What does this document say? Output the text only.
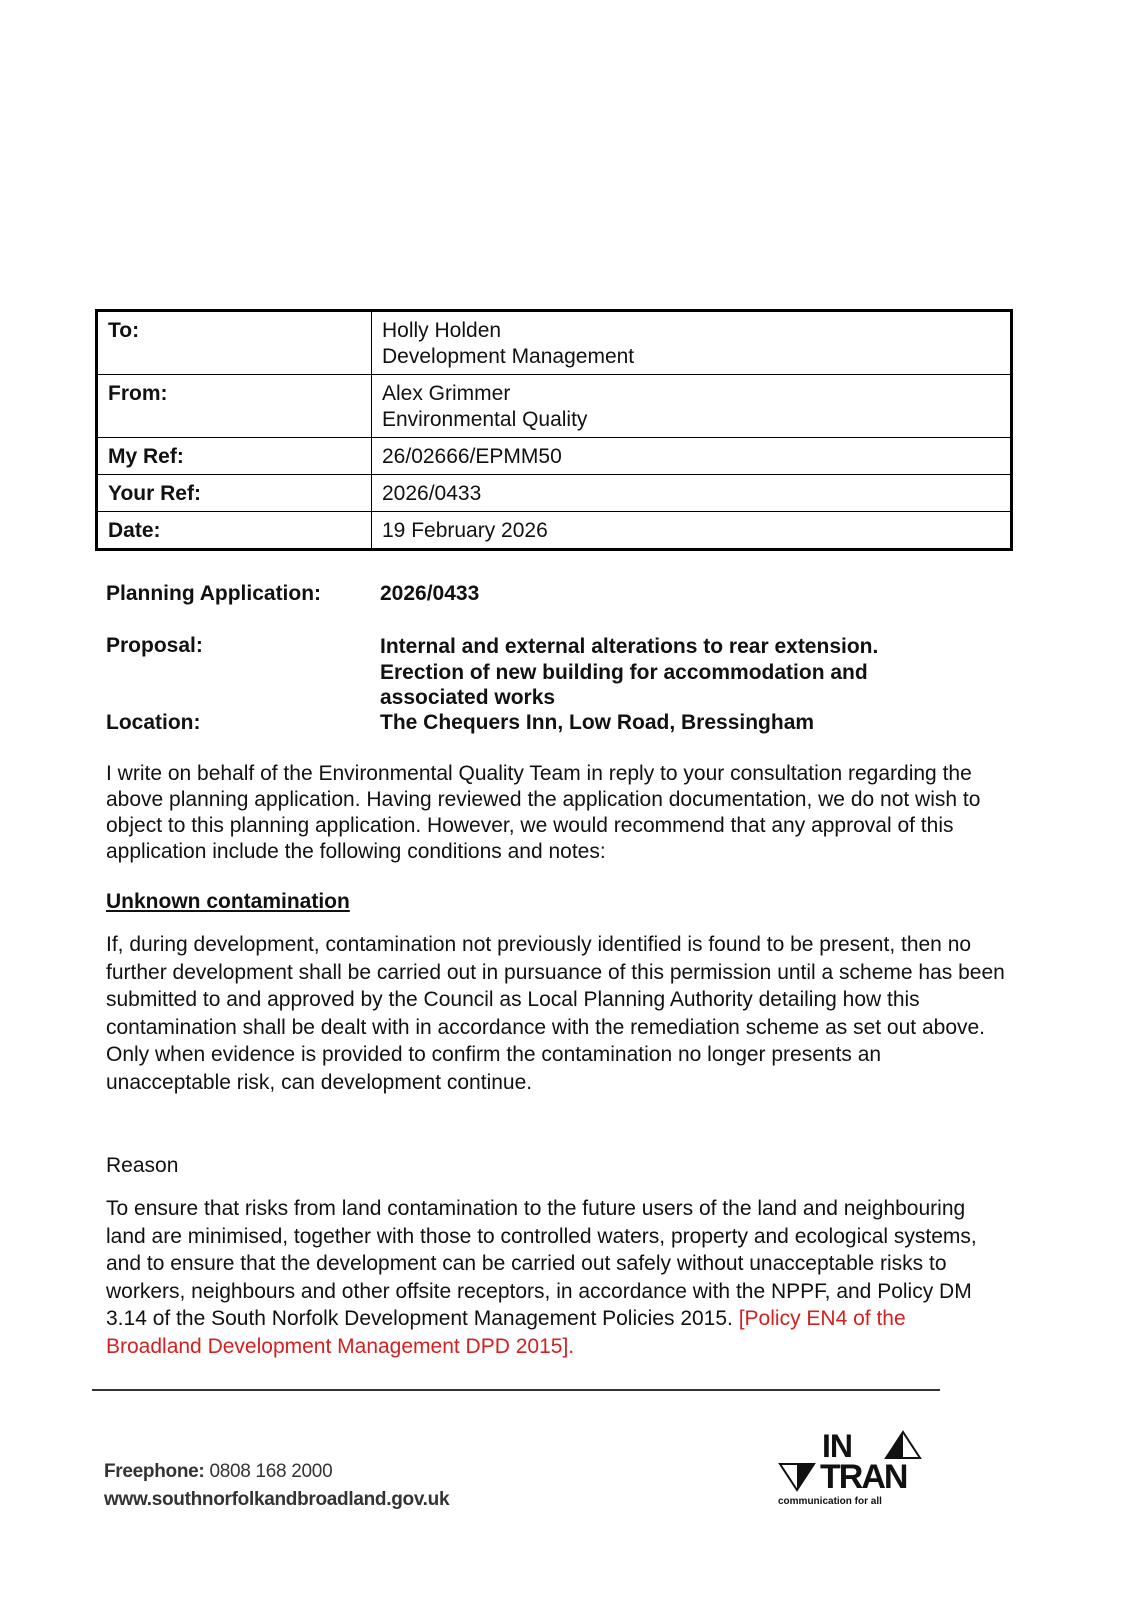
To:	Holly Holden
Development Management

From:	Alex Grimmer
Environmental Quality

My Ref:	26/02666/EPMM50
Your Ref:	2026/0433
Date:	19 February 2026
Planning Application:	2026/0433
Proposal:	Internal and external alterations to rear extension.
Erection of new building for accommodation and
associated works
Location:	The Chequers Inn, Low Road, Bressingham
I write on behalf of the Environmental Quality Team in reply to your consultation regarding the above planning application. Having reviewed the application documentation, we do not wish to object to this planning application. However, we would recommend that any approval of this application include the following conditions and notes:
Unknown contamination
If, during development, contamination not previously identified is found to be present, then no further development shall be carried out in pursuance of this permission until a scheme has been submitted to and approved by the Council as Local Planning Authority detailing how this contamination shall be dealt with in accordance with the remediation scheme as set out above. Only when evidence is provided to confirm the contamination no longer presents an unacceptable risk, can development continue.
Reason
To ensure that risks from land contamination to the future users of the land and neighbouring land are minimised, together with those to controlled waters, property and ecological systems, and to ensure that the development can be carried out safely without unacceptable risks to workers, neighbours and other offsite receptors, in accordance with the NPPF, and Policy DM 3.14 of the South Norfolk Development Management Policies 2015. [Policy EN4 of the Broadland Development Management DPD 2015].
Freephone: 0808 168 2000
www.southnorfolkandbroadland.gov.uk
IN
TRAN
communication for all
